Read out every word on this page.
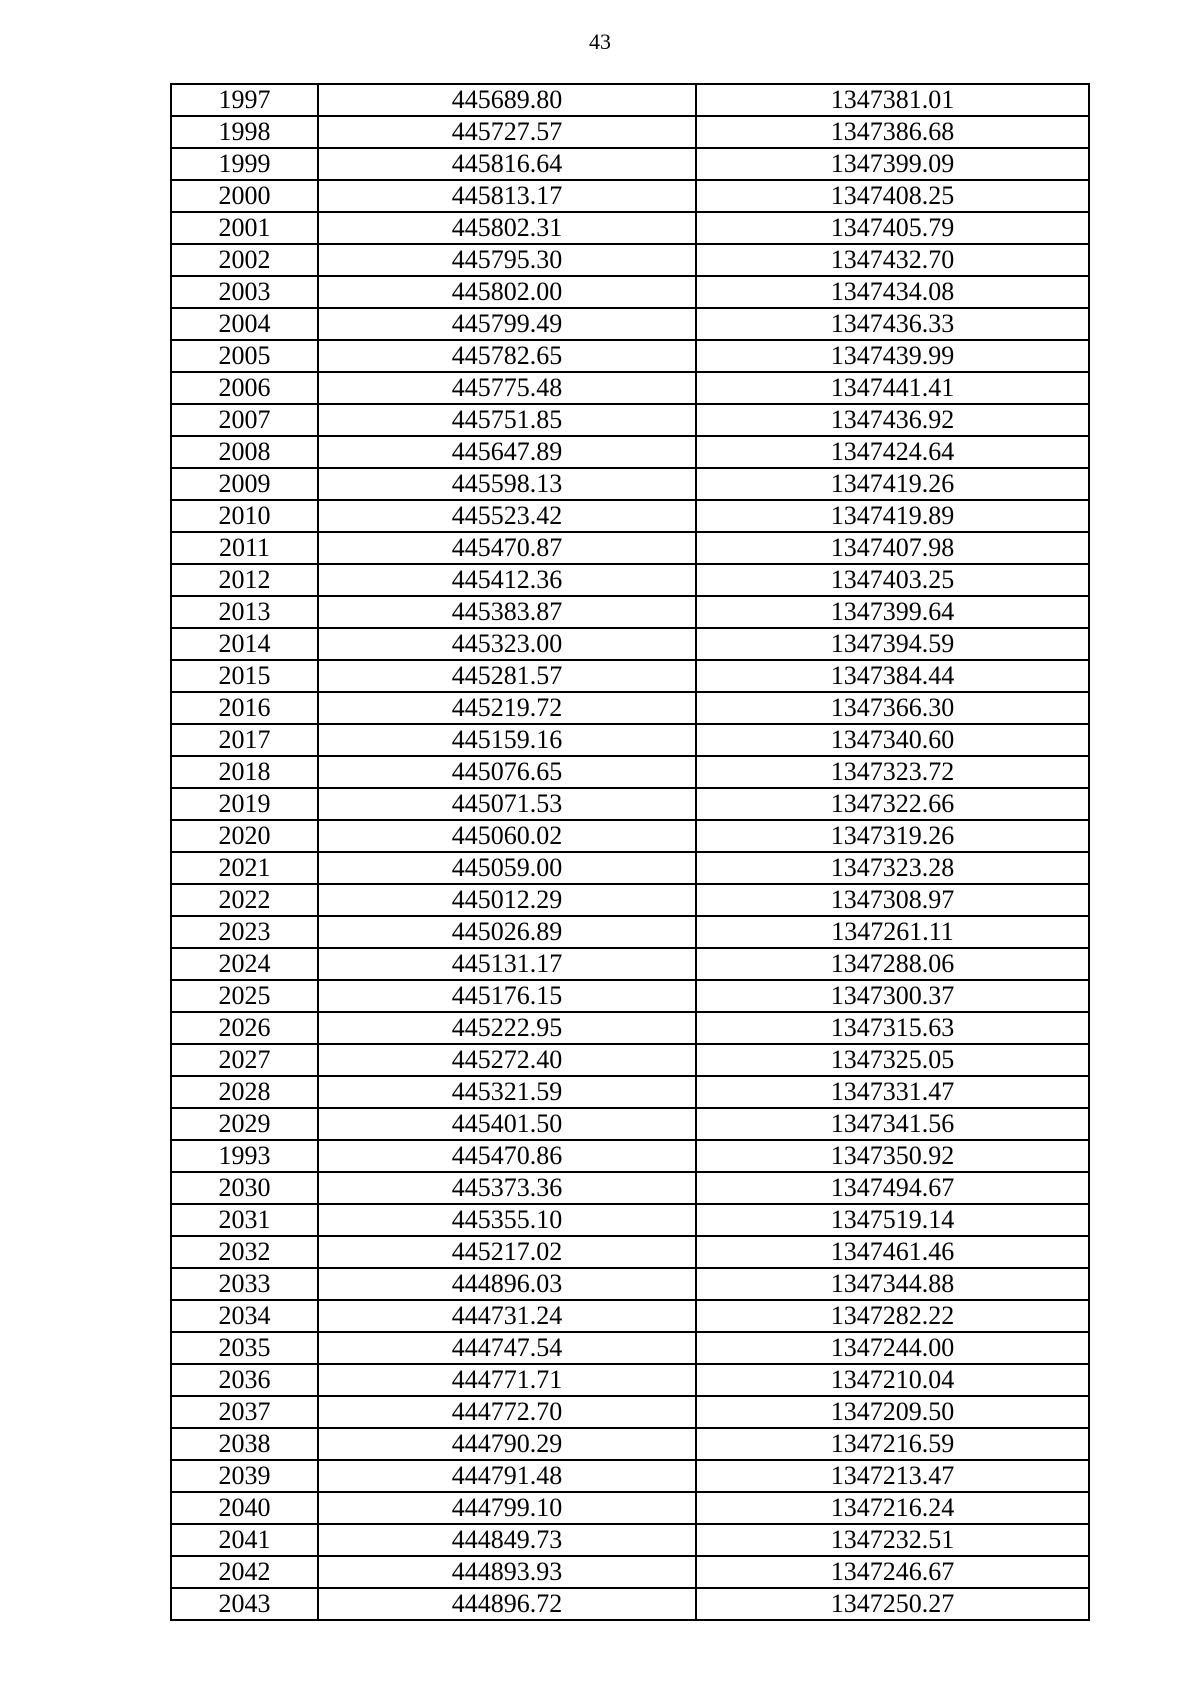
43
1997	445689.80	1347381.01
1998	445727.57	1347386.68
1999	445816.64	1347399.09
2000	445813.17	1347408.25
2001	445802.31	1347405.79
2002	445795.30	1347432.70
2003	445802.00	1347434.08
2004	445799.49	1347436.33
2005	445782.65	1347439.99
2006	445775.48	1347441.41
2007	445751.85	1347436.92
2008	445647.89	1347424.64
2009	445598.13	1347419.26
2010	445523.42	1347419.89
2011	445470.87	1347407.98
2012	445412.36	1347403.25
2013	445383.87	1347399.64
2014	445323.00	1347394.59
2015	445281.57	1347384.44
2016	445219.72	1347366.30
2017	445159.16	1347340.60
2018	445076.65	1347323.72
2019	445071.53	1347322.66
2020	445060.02	1347319.26
2021	445059.00	1347323.28
2022	445012.29	1347308.97
2023	445026.89	1347261.11
2024	445131.17	1347288.06
2025	445176.15	1347300.37
2026	445222.95	1347315.63
2027	445272.40	1347325.05
2028	445321.59	1347331.47
2029	445401.50	1347341.56
1993	445470.86	1347350.92
2030	445373.36	1347494.67
2031	445355.10	1347519.14
2032	445217.02	1347461.46
2033	444896.03	1347344.88
2034	444731.24	1347282.22
2035	444747.54	1347244.00
2036	444771.71	1347210.04
2037	444772.70	1347209.50
2038	444790.29	1347216.59
2039	444791.48	1347213.47
2040	444799.10	1347216.24
2041	444849.73	1347232.51
2042	444893.93	1347246.67
2043	444896.72	1347250.27
